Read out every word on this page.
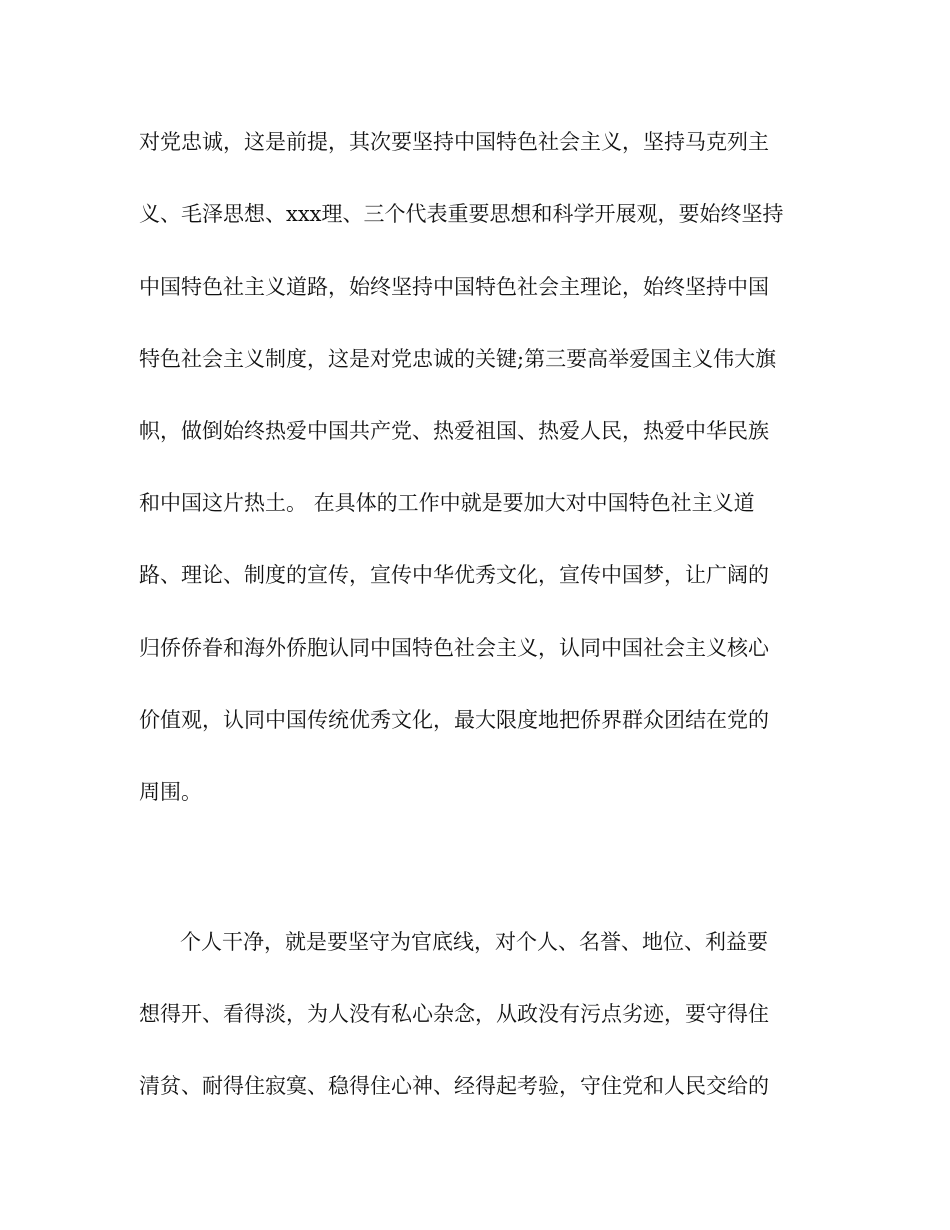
对党忠诚，这是前提，其次要坚持中国特色社会主义，坚持马克列主

义、毛泽思想、xxx理、三个代表重要思想和科学开展观，要始终坚持

中国特色社主义道路，始终坚持中国特色社会主理论，始终坚持中国

特色社会主义制度，这是对党忠诚的关键;第三要高举爱国主义伟大旗

帜，做倒始终热爱中国共产党、热爱祖国、热爱人民，热爱中华民族

和中国这片热土。 在具体的工作中就是要加大对中国特色社主义道

路、理论、制度的宣传，宣传中华优秀文化，宣传中国梦，让广阔的

归侨侨眷和海外侨胞认同中国特色社会主义，认同中国社会主义核心

价值观，认同中国传统优秀文化，最大限度地把侨界群众团结在党的

周围。

个人干净，就是要坚守为官底线，对个人、名誉、地位、利益要

想得开、看得淡，为人没有私心杂念，从政没有污点劣迹，要守得住

清贫、耐得住寂寞、稳得住心神、经得起考验，守住党和人民交给的
